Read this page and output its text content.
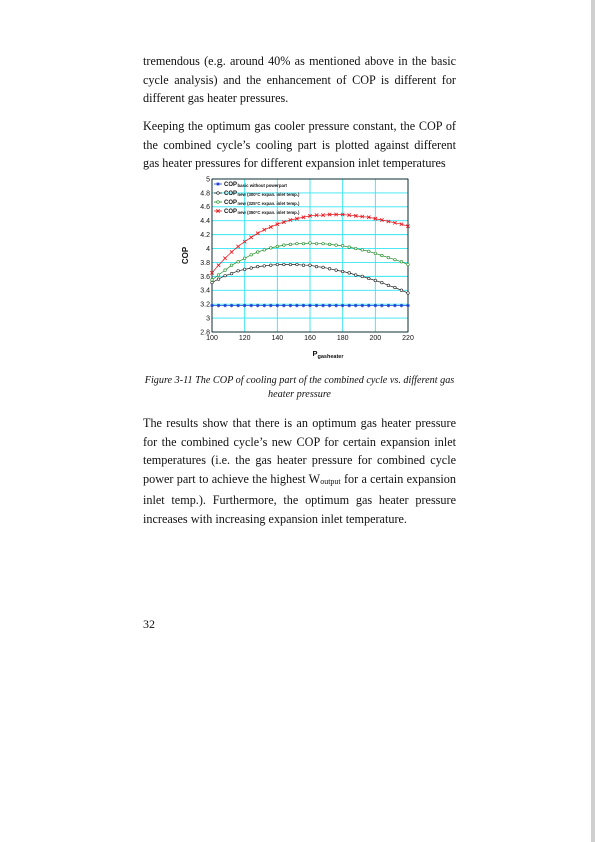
tremendous (e.g. around 40% as mentioned above in the basic cycle analysis) and the enhancement of COP is different for different gas heater pressures.

Keeping the optimum gas cooler pressure constant, the COP of the combined cycle’s cooling part is plotted against different gas heater pressures for different expansion inlet temperatures

100	120	140	160	180	200	220
2.8
3
3.2
3.4
3.6
3.8
4
4.2
4.4
4.6
4.8
5
COPbasic without powerpart
COPnew (300°C expan. inlet temp.)
COPnew (325°C expan. inlet temp.)
COPnew (350°C expan. inlet temp.)
$P_{gasheater}$
COP

Figure 3-11 The COP of cooling part of the combined cycle vs. different gas heater pressure

The results show that there is an optimum gas heater pressure for the combined cycle’s new COP for certain expansion inlet temperatures (i.e. the gas heater pressure for combined cycle power part to achieve the highest Woutput for a certain expansion inlet temp.). Furthermore, the optimum gas heater pressure increases with increasing expansion inlet temperature.

32
